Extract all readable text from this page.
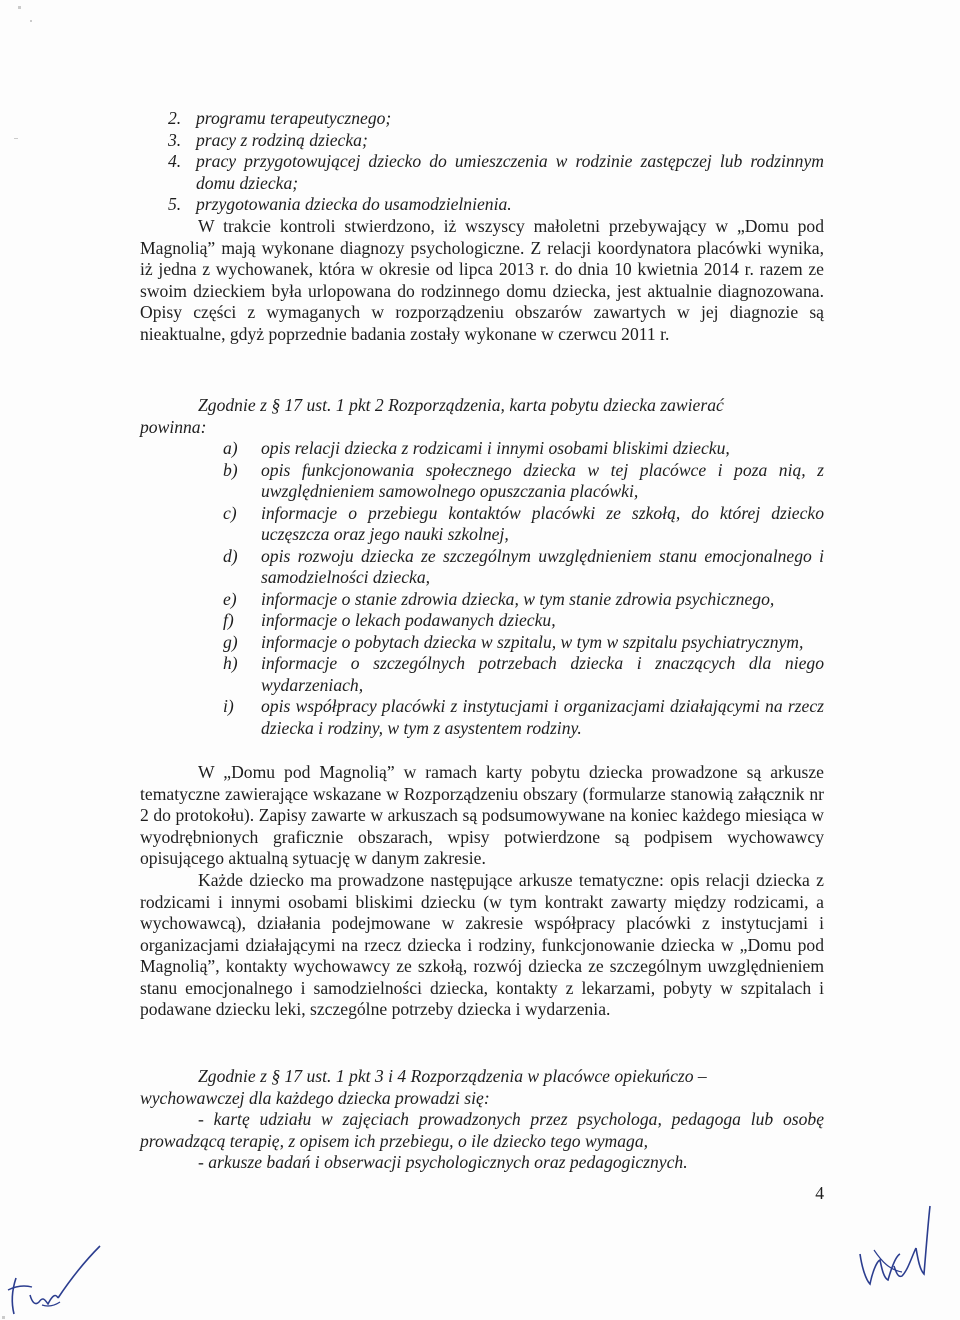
2. programu terapeutycznego;
3. pracy z rodziną dziecka;
4. pracy przygotowującej dziecko do umieszczenia w rodzinie zastępczej lub rodzinnym domu dziecka;
5. przygotowania dziecka do usamodzielnienia.
W trakcie kontroli stwierdzono, iż wszyscy małoletni przebywający w „Domu pod Magnolią” mają wykonane diagnozy psychologiczne. Z relacji koordynatora placówki wynika, iż jedna z wychowanek, która w okresie od lipca 2013 r. do dnia 10 kwietnia 2014 r. razem ze swoim dzieckiem była urlopowana do rodzinnego domu dziecka, jest aktualnie diagnozowana. Opisy części z wymaganych w rozporządzeniu obszarów zawartych w jej diagnozie są nieaktualne, gdyż poprzednie badania zostały wykonane w czerwcu 2011 r.
Zgodnie z § 17 ust. 1 pkt 2 Rozporządzenia, karta pobytu dziecka zawierać
powinna:
a)	opis relacji dziecka z rodzicami i innymi osobami bliskimi dziecku,
b)	opis funkcjonowania społecznego dziecka w tej placówce i poza nią, z uwzględnieniem samowolnego opuszczania placówki,
c)	informacje o przebiegu kontaktów placówki ze szkołą, do której dziecko uczęszcza oraz jego nauki szkolnej,
d)	opis rozwoju dziecka ze szczególnym uwzględnieniem stanu emocjonalnego i samodzielności dziecka,
e)	informacje o stanie zdrowia dziecka, w tym stanie zdrowia psychicznego,
f)	informacje o lekach podawanych dziecku,
g)	informacje o pobytach dziecka w szpitalu, w tym w szpitalu psychiatrycznym,
h)	informacje o szczególnych potrzebach dziecka i znaczących dla niego wydarzeniach,
i)	opis współpracy placówki z instytucjami i organizacjami działającymi na rzecz dziecka i rodziny, w tym z asystentem rodziny.
W „Domu pod Magnolią” w ramach karty pobytu dziecka prowadzone są arkusze tematyczne zawierające wskazane w Rozporządzeniu obszary (formularze stanowią załącznik nr 2 do protokołu). Zapisy zawarte w arkuszach są podsumowywane na koniec każdego miesiąca w wyodrębnionych graficznie obszarach, wpisy potwierdzone są podpisem wychowawcy opisującego aktualną sytuację w danym zakresie.
Każde dziecko ma prowadzone następujące arkusze tematyczne: opis relacji dziecka z rodzicami i innymi osobami bliskimi dziecku (w tym kontrakt zawarty między rodzicami, a wychowawcą), działania podejmowane w zakresie współpracy placówki z instytucjami i organizacjami działającymi na rzecz dziecka i rodziny, funkcjonowanie dziecka w „Domu pod Magnolią”, kontakty wychowawcy ze szkołą, rozwój dziecka ze szczególnym uwzględnieniem stanu emocjonalnego i samodzielności dziecka, kontakty z lekarzami, pobyty w szpitalach i podawane dziecku leki, szczególne potrzeby dziecka i wydarzenia.
Zgodnie z § 17 ust. 1 pkt 3 i 4 Rozporządzenia w placówce opiekuńczo –
wychowawczej dla każdego dziecka prowadzi się:
- kartę udziału w zajęciach prowadzonych przez psychologa, pedagoga lub osobę prowadzącą terapię, z opisem ich przebiegu, o ile dziecko tego wymaga,
- arkusze badań i obserwacji psychologicznych oraz pedagogicznych.
4
